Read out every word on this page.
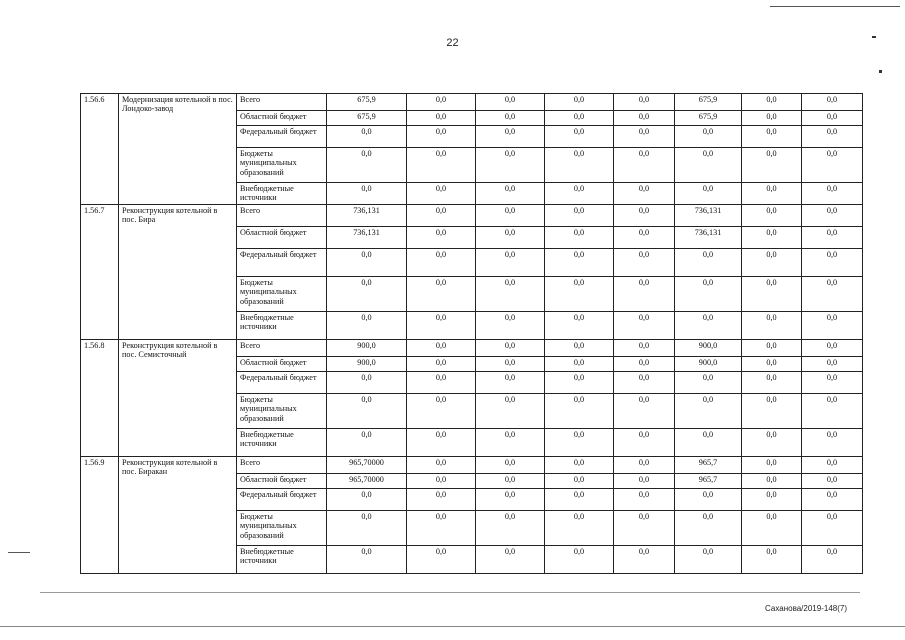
22
1.56.6	Модернизация котельной в пос. Лондоко-завод	Всего	675,9	0,0	0,0	0,0	0,0	675,9	0,0	0,0
		Областной бюджет	675,9	0,0	0,0	0,0	0,0	675,9	0,0	0,0
		Федеральный бюджет	0,0	0,0	0,0	0,0	0,0	0,0	0,0	0,0
		Бюджеты муниципальных образований	0,0	0,0	0,0	0,0	0,0	0,0	0,0	0,0
		Внебюджетные источники	0,0	0,0	0,0	0,0	0,0	0,0	0,0	0,0
1.56.7	Реконструкция котельной в пос. Бира	Всего	736,131	0,0	0,0	0,0	0,0	736,131	0,0	0,0
		Областной бюджет	736,131	0,0	0,0	0,0	0,0	736,131	0,0	0,0
		Федеральный бюджет	0,0	0,0	0,0	0,0	0,0	0,0	0,0	0,0
		Бюджеты муниципальных образований	0,0	0,0	0,0	0,0	0,0	0,0	0,0	0,0
		Внебюджетные источники	0,0	0,0	0,0	0,0	0,0	0,0	0,0	0,0
1.56.8	Реконструкция котельной в пос. Семисточный	Всего	900,0	0,0	0,0	0,0	0,0	900,0	0,0	0,0
		Областной бюджет	900,0	0,0	0,0	0,0	0,0	900,0	0,0	0,0
		Федеральный бюджет	0,0	0,0	0,0	0,0	0,0	0,0	0,0	0,0
		Бюджеты муниципальных образований	0,0	0,0	0,0	0,0	0,0	0,0	0,0	0,0
		Внебюджетные источники	0,0	0,0	0,0	0,0	0,0	0,0	0,0	0,0
1.56.9	Реконструкция котельной в пос. Биракан	Всего	965,70000	0,0	0,0	0,0	0,0	965,7	0,0	0,0
		Областной бюджет	965,70000	0,0	0,0	0,0	0,0	965,7	0,0	0,0
		Федеральный бюджет	0,0	0,0	0,0	0,0	0,0	0,0	0,0	0,0
		Бюджеты муниципальных образований	0,0	0,0	0,0	0,0	0,0	0,0	0,0	0,0
		Внебюджетные источники	0,0	0,0	0,0	0,0	0,0	0,0	0,0	0,0
Саханова/2019-148(7)
